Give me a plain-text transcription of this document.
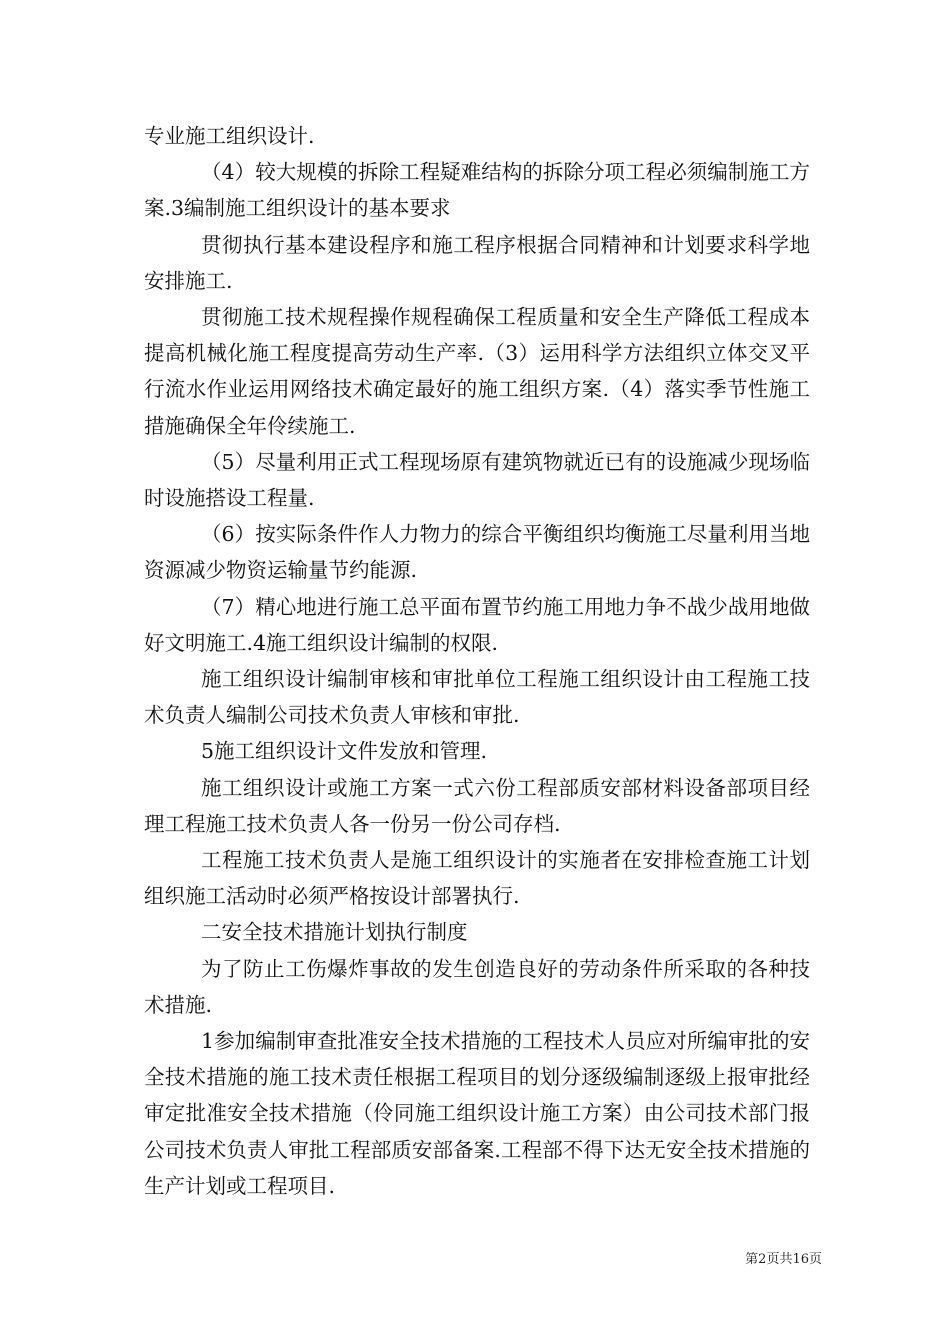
专业施工组织设计.

（4）较大规模的拆除工程疑难结构的拆除分项工程必须编制施工方案.3编制施工组织设计的基本要求

贯彻执行基本建设程序和施工程序根据合同精神和计划要求科学地安排施工.

贯彻施工技术规程操作规程确保工程质量和安全生产降低工程成本提高机械化施工程度提高劳动生产率.（3）运用科学方法组织立体交叉平行流水作业运用网络技术确定最好的施工组织方案.（4）落实季节性施工措施确保全年伶续施工.

（5）尽量利用正式工程现场原有建筑物就近已有的设施减少现场临时设施搭设工程量.

（6）按实际条件作人力物力的综合平衡组织均衡施工尽量利用当地资源减少物资运输量节约能源.

（7）精心地进行施工总平面布置节约施工用地力争不战少战用地做好文明施工.4施工组织设计编制的权限.

施工组织设计编制审核和审批单位工程施工组织设计由工程施工技术负责人编制公司技术负责人审核和审批.

5施工组织设计文件发放和管理.

施工组织设计或施工方案一式六份工程部质安部材料设备部项目经理工程施工技术负责人各一份另一份公司存档.

工程施工技术负责人是施工组织设计的实施者在安排检查施工计划组织施工活动时必须严格按设计部署执行.

二安全技术措施计划执行制度

为了防止工伤爆炸事故的发生创造良好的劳动条件所采取的各种技术措施.

1参加编制审查批准安全技术措施的工程技术人员应对所编审批的安全技术措施的施工技术责任根据工程项目的划分逐级编制逐级上报审批经审定批准安全技术措施（伶同施工组织设计施工方案）由公司技术部门报公司技术负责人审批工程部质安部备案.工程部不得下达无安全技术措施的生产计划或工程项目.

第2页共16页
